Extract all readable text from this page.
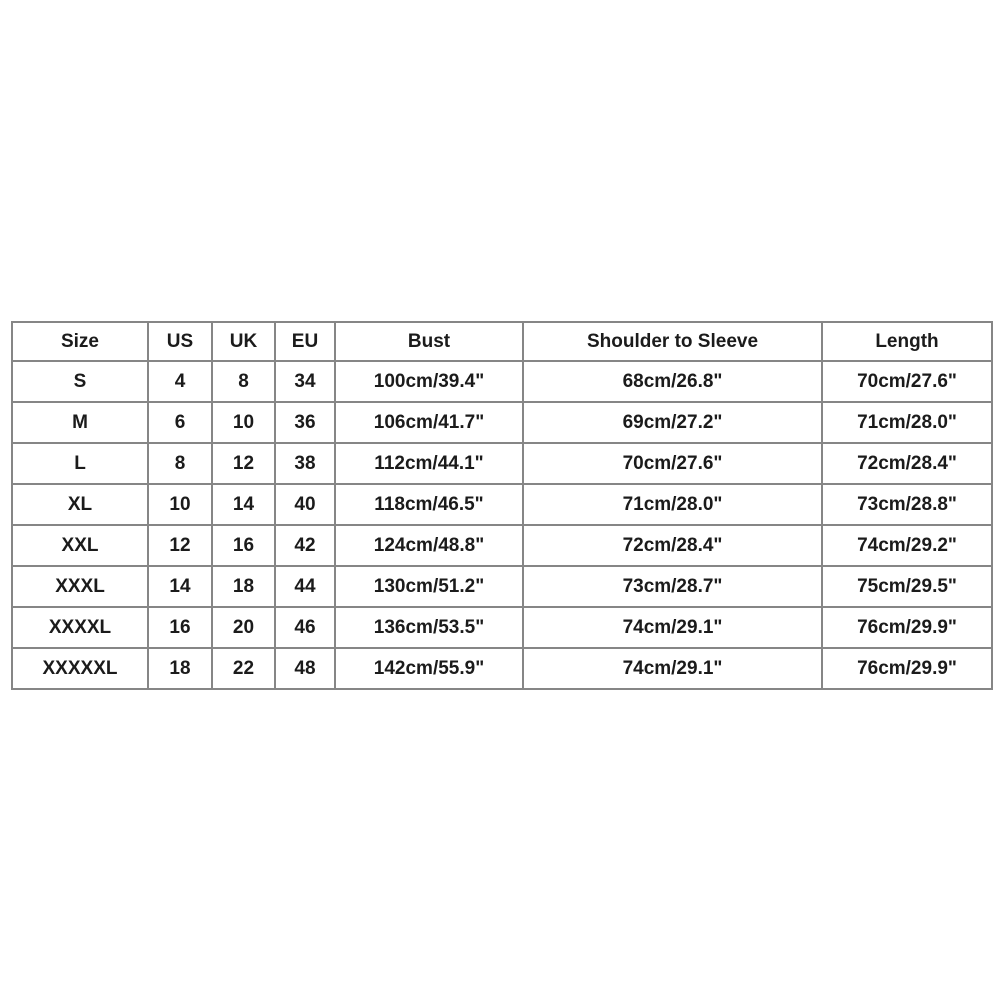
Size	US	UK	EU	Bust	Shoulder to Sleeve	Length
S	4	8	34	100cm/39.4"	68cm/26.8"	70cm/27.6"
M	6	10	36	106cm/41.7"	69cm/27.2"	71cm/28.0"
L	8	12	38	112cm/44.1"	70cm/27.6"	72cm/28.4"
XL	10	14	40	118cm/46.5"	71cm/28.0"	73cm/28.8"
XXL	12	16	42	124cm/48.8"	72cm/28.4"	74cm/29.2"
XXXL	14	18	44	130cm/51.2"	73cm/28.7"	75cm/29.5"
XXXXL	16	20	46	136cm/53.5"	74cm/29.1"	76cm/29.9"
XXXXXL	18	22	48	142cm/55.9"	74cm/29.1"	76cm/29.9"
